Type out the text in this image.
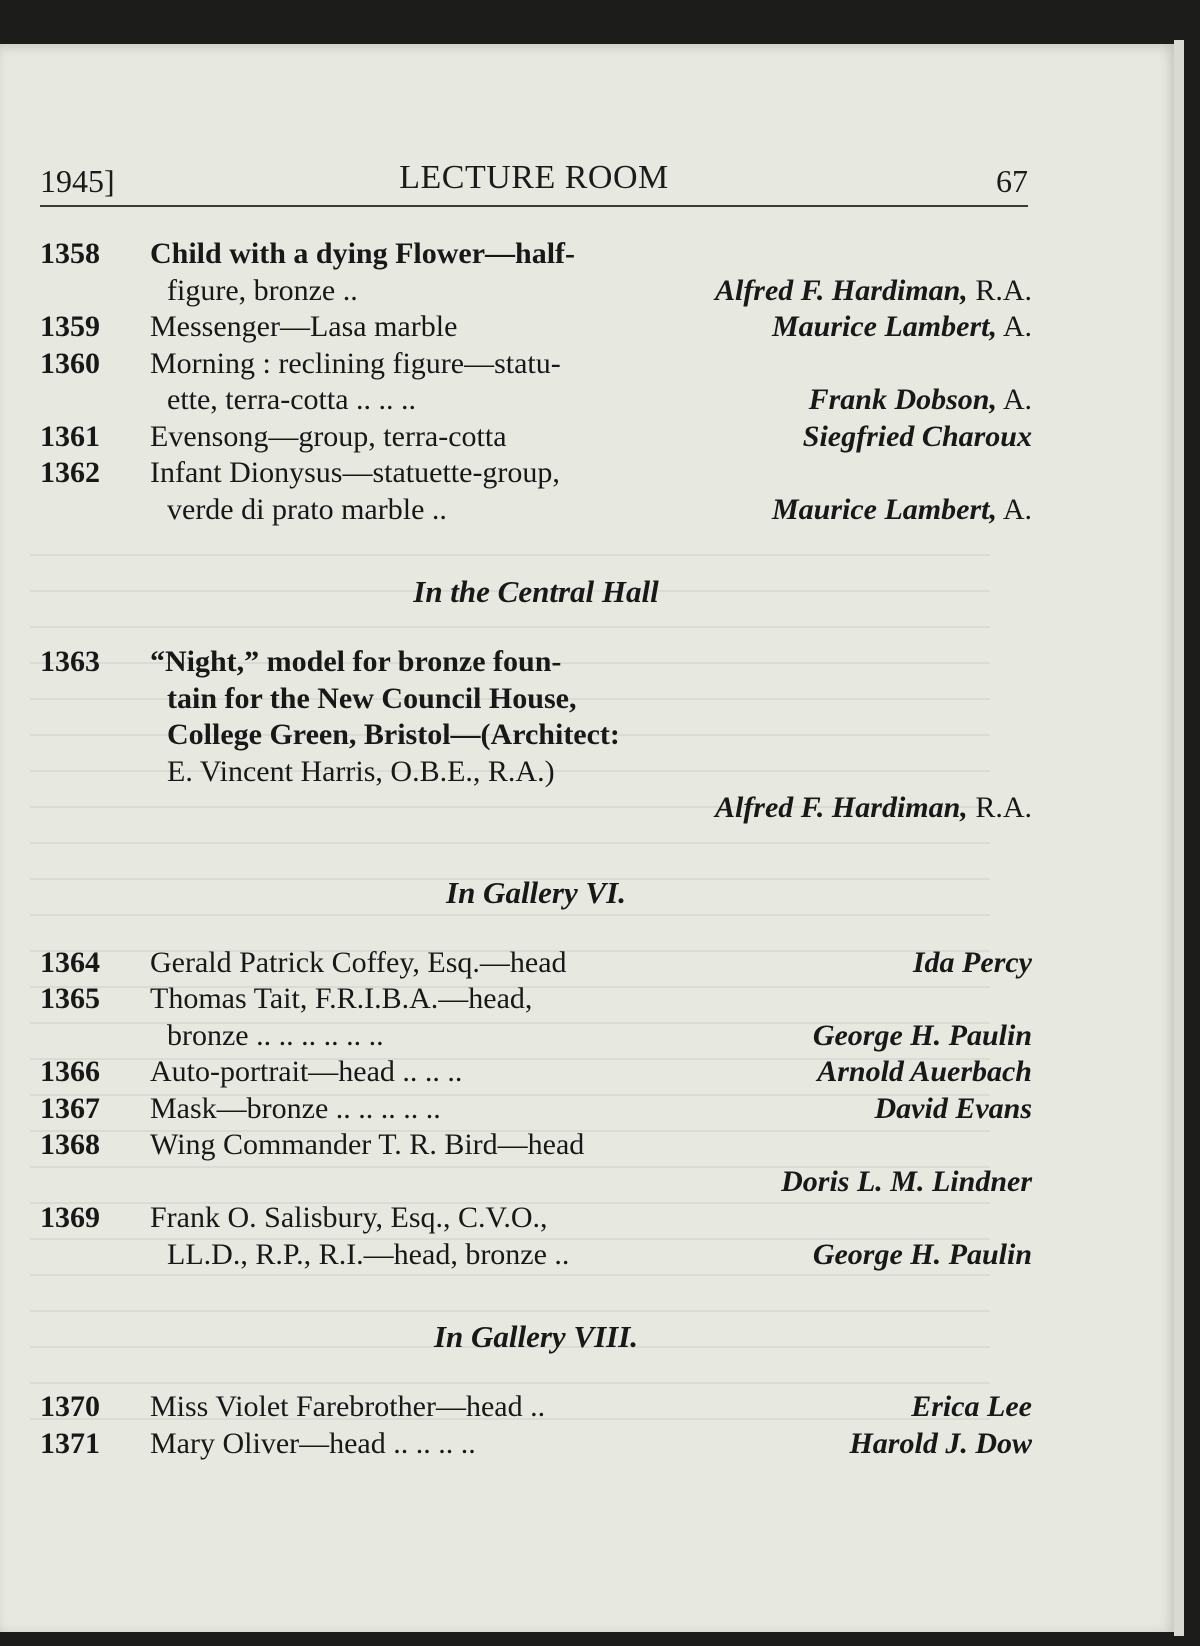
1945]	LECTURE ROOM	67
1358 Child with a dying Flower—half-
figure, bronze ..	Alfred F. Hardiman, R.A.
1359 Messenger—Lasa marble	Maurice Lambert, A.
1360 Morning : reclining figure—statu-
ette, terra-cotta .. .. ..	Frank Dobson, A.
1361 Evensong—group, terra-cotta	Siegfried Charoux
1362 Infant Dionysus—statuette-group,
verde di prato marble ..	Maurice Lambert, A.
In the Central Hall
1363 “Night,” model for bronze foun-
tain for the New Council House,
College Green, Bristol—(Architect:
E. Vincent Harris, O.B.E., R.A.)
Alfred F. Hardiman, R.A.
In Gallery VI.
1364 Gerald Patrick Coffey, Esq.—head	Ida Percy
1365 Thomas Tait, F.R.I.B.A.—head,
bronze .. .. .. .. .. ..	George H. Paulin
1366 Auto-portrait—head .. .. ..	Arnold Auerbach
1367 Mask—bronze .. .. .. .. ..	David Evans
1368 Wing Commander T. R. Bird—head
Doris L. M. Lindner
1369 Frank O. Salisbury, Esq., C.V.O.,
LL.D., R.P., R.I.—head, bronze ..	George H. Paulin
In Gallery VIII.
1370 Miss Violet Farebrother—head ..	Erica Lee
1371 Mary Oliver—head .. .. .. ..	Harold J. Dow
